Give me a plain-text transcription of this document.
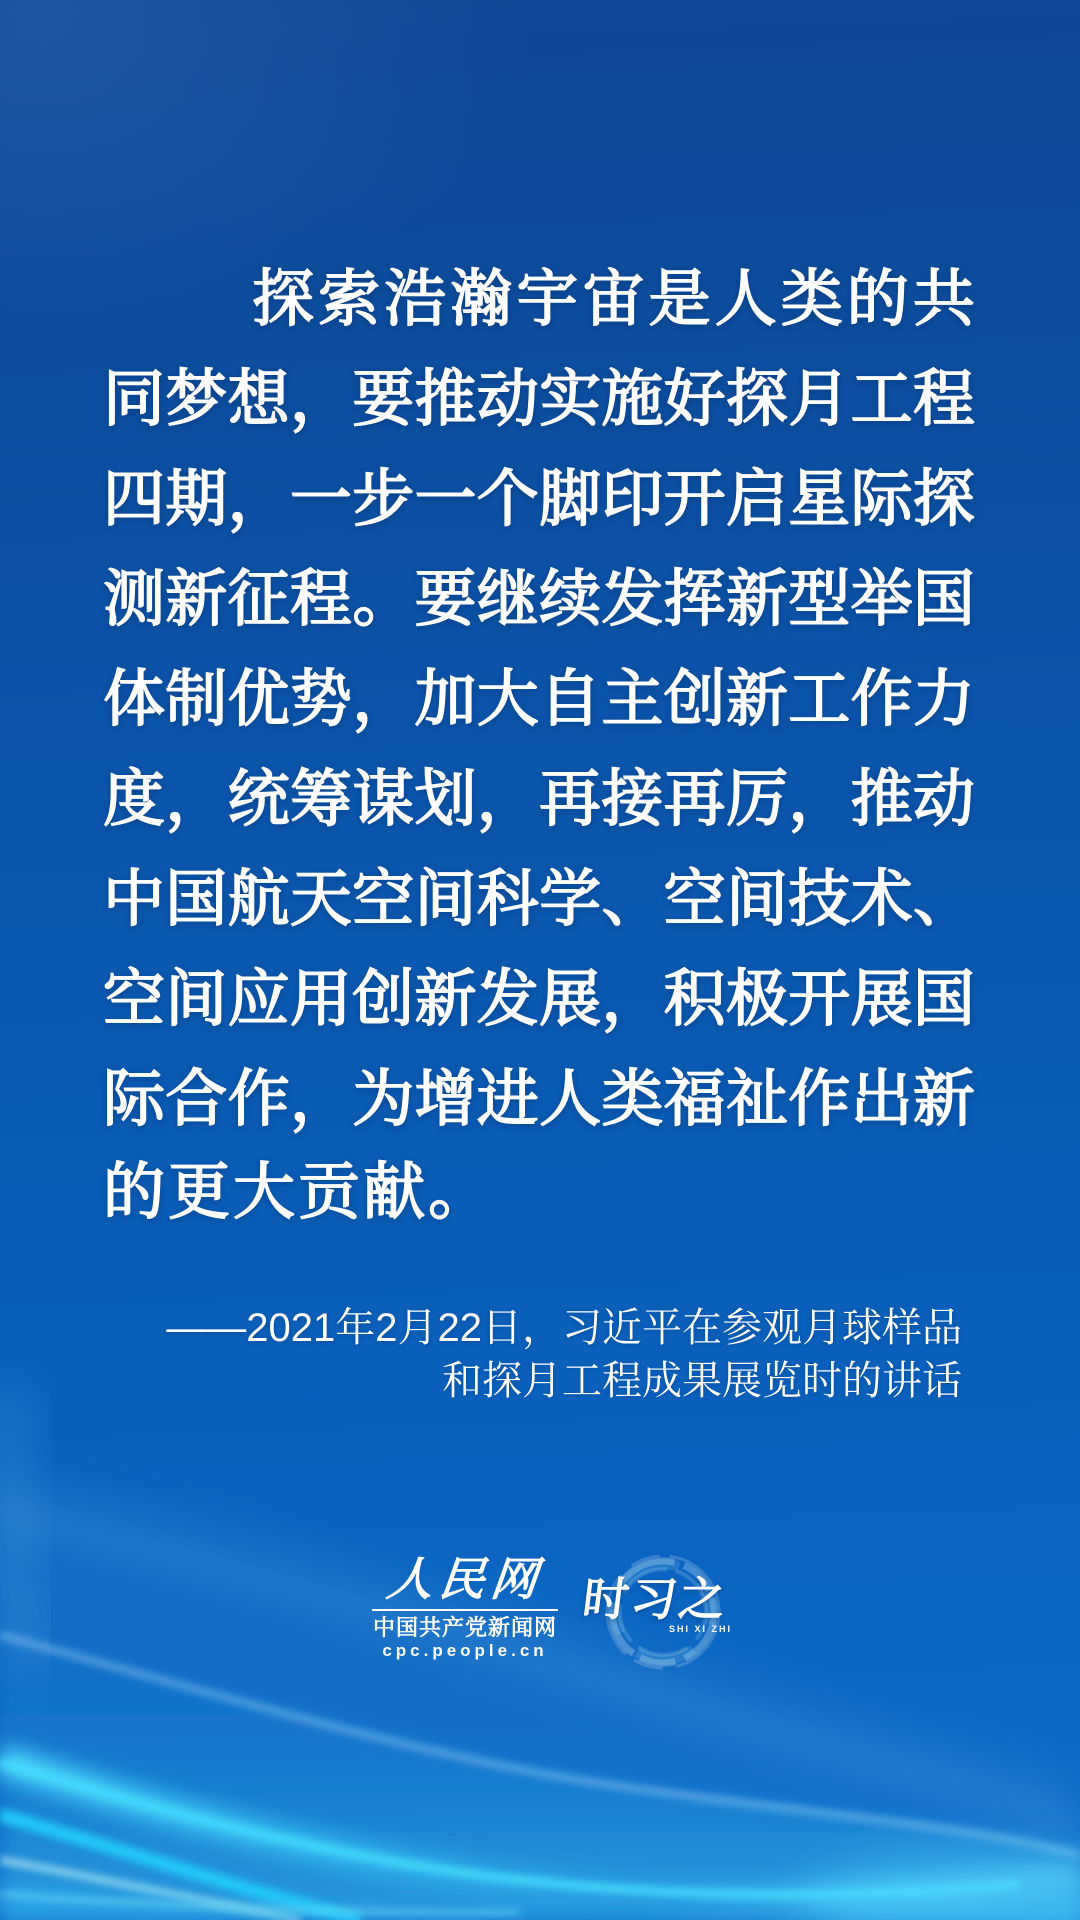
探 索 浩 瀚 宇 宙 是 人 类 的 共
同 梦 想 ， 要 推 动 实 施 好 探 月 工 程
四 期 ， 一 步 一 个 脚 印 开 启 星 际 探
测 新 征 程 。 要 继 续 发 挥 新 型 举 国
体 制 优 势 ， 加 大 自 主 创 新 工 作 力
度 ， 统 筹 谋 划 ， 再 接 再 厉 ， 推 动
中 国 航 天 空 间 科 学 、 空 间 技 术 、
空 间 应 用 创 新 发 展 ， 积 极 开 展 国
际 合 作 ， 为 增 进 人 类 福 祉 作 出 新
的更大贡献。
——2021年2月22日，习近平在参观月球样品
和探月工程成果展览时的讲话
人民网
中国共产党新闻网
cpc.people.cn
时习之
SHI XI ZHI
